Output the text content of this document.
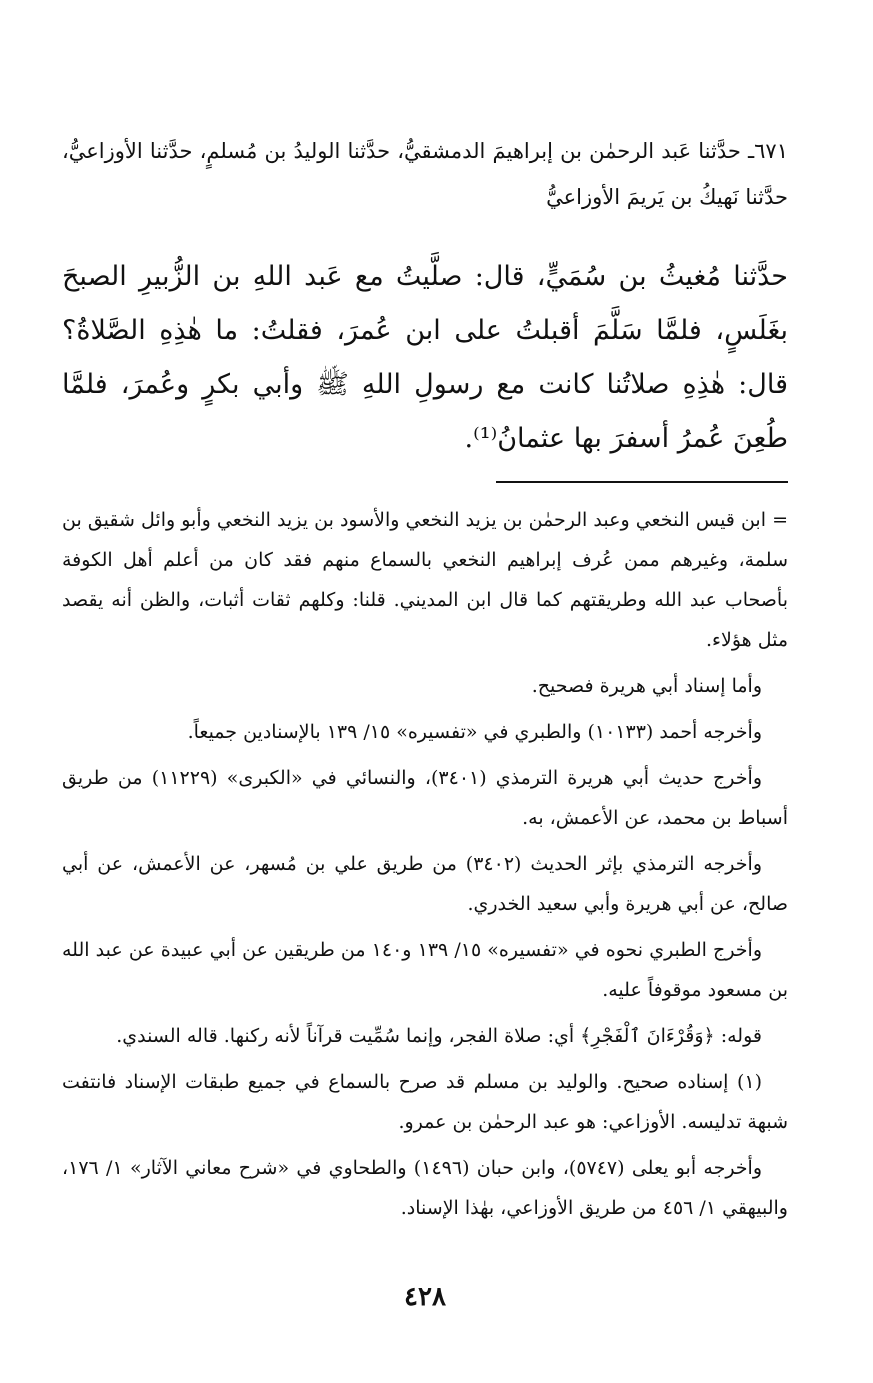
٦٧١ـ حدَّثنا عَبد الرحمٰن بن إبراهيمَ الدمشقيُّ، حدَّثنا الوليدُ بن مُسلمٍ، حدَّثنا الأوزاعيُّ، حدَّثنا نَهيكُ بن يَريمَ الأوزاعيُّ
حدَّثنا مُغيثُ بن سُمَيٍّ، قال: صلَّيتُ مع عَبد اللهِ بن الزُّبيرِ الصبحَ بغَلَسٍ، فلمَّا سَلَّمَ أقبلتُ على ابن عُمرَ، فقلتُ: ما هٰذِهِ الصَّلاةُ؟ قال: هٰذِهِ صلاتُنا كانت مع رسولِ اللهِ ﷺ وأبي بكرٍ وعُمرَ، فلمَّا طُعِنَ عُمرُ أسفرَ بها عثمانُ⁽¹⁾.

= ابن قيس النخعي وعبد الرحمٰن بن يزيد النخعي والأسود بن يزيد النخعي وأبو وائل شقيق بن سلمة، وغيرهم ممن عُرف إبراهيم النخعي بالسماع منهم فقد كان من أعلم أهل الكوفة بأصحاب عبد الله وطريقتهم كما قال ابن المديني. قلنا: وكلهم ثقات أثبات، والظن أنه يقصد مثل هؤلاء.

وأما إسناد أبي هريرة فصحيح.

وأخرجه أحمد (١٠١٣٣) والطبري في «تفسيره» ١٥/ ١٣٩ بالإسنادين جميعاً.

وأخرج حديث أبي هريرة الترمذي (٣٤٠١)، والنسائي في «الكبرى» (١١٢٢٩) من طريق أسباط بن محمد، عن الأعمش، به.

وأخرجه الترمذي بإثر الحديث (٣٤٠٢) من طريق علي بن مُسهر، عن الأعمش، عن أبي صالح، عن أبي هريرة وأبي سعيد الخدري.

وأخرج الطبري نحوه في «تفسيره» ١٥/ ١٣٩ و١٤٠ من طريقين عن أبي عبيدة عن عبد الله بن مسعود موقوفاً عليه.

قوله: ﴿وَقُرْءَانَ ٱلْفَجْرِ﴾ أي: صلاة الفجر، وإنما سُمِّيت قرآناً لأنه ركنها. قاله السندي.

(١) إسناده صحيح. والوليد بن مسلم قد صرح بالسماع في جميع طبقات الإسناد فانتفت شبهة تدليسه. الأوزاعي: هو عبد الرحمٰن بن عمرو.

وأخرجه أبو يعلى (٥٧٤٧)، وابن حبان (١٤٩٦) والطحاوي في «شرح معاني الآثار» ١/ ١٧٦، والبيهقي ١/ ٤٥٦ من طريق الأوزاعي، بهٰذا الإسناد.

٤٢٨
